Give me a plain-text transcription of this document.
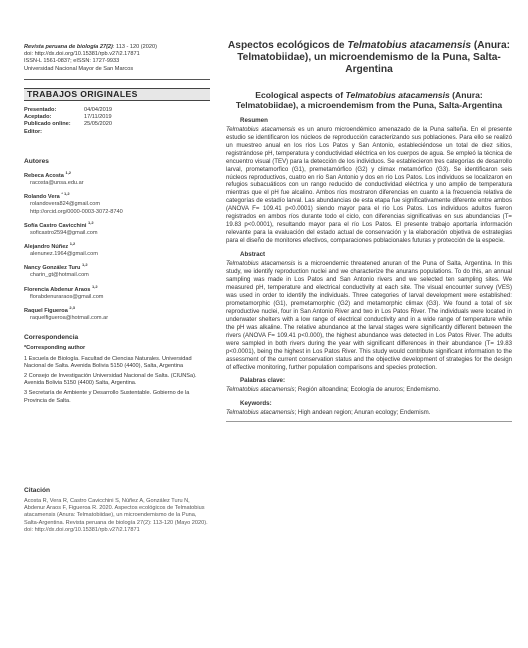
Revista peruana de biología 27(2): 113 - 120 (2020)
doi: http://dx.doi.org/10.15381/rpb.v27i2.17871
ISSN-L 1561-0837; eISSN: 1727-9933
Universidad Nacional Mayor de San Marcos
TRABAJOS ORIGINALES
Presentado:	04/04/2019
Aceptado:	17/11/2019
Publicado online:	25/05/2020
Editor:
Autores
Rebeca Acosta $^{1,2}$
racosta@unsa.edu.ar
Rolando Vera $^{* 1,2}$
rolandovera824@gmail.com
http://orcid.org/0000-0003-3072-8740
Sofía Castro Cavicchini $^{1,2}$
soficastro2594@gmail.com
Alejandro Núñez $^{1,2}$
alenunez.1964@gmail.com
Nancy González Turu $^{1,2}$
charin_gt@hotmail.com
Florencia Abdenur Araos $^{1,2}$
florabdenuraraos@gmail.com
Raquel Figueroa $^{2,3}$
raquelfigueroa@hotmail.com.ar
Correspondencia
*Corresponding author
1 Escuela de Biología. Facultad de Ciencias Naturales. Universidad Nacional de Salta. Avenida Bolivia 5150 (4400), Salta, Argentina
2 Consejo de Investigación Universidad Nacional de Salta. (CIUNSa). Avenida Bolivia 5150 (4400) Salta, Argentina.
3 Secretaría de Ambiente y Desarrollo Sustentable. Gobierno de la Provincia de Salta.
Citación
Acosta R, Vera R, Castro Cavicchini S, Núñez A, González Turu N, Abdenur Araos F, Figueroa R. 2020. Aspectos ecológicos de Telmatobius atacamensis (Anura: Telmatobiidae), un microendemismo de la Puna, Salta-Argentina. Revista peruana de biología 27(2): 113-120 (Mayo 2020). doi: http://dx.doi.org/10.15381/rpb.v27i2.17871
Aspectos ecológicos de Telmatobius atacamensis (Anura: Telmatobiidae), un microendemismo de la Puna, Salta-Argentina
Ecological aspects of Telmatobius atacamensis (Anura: Telmatobiidae), a microendemism from the Puna, Salta-Argentina
Resumen
Telmatobius atacamensis es un anuro microendémico amenazado de la Puna salteña. En el presente estudio se identificaron los núcleos de reproducción caracterizando sus poblaciones. Para ello se realizó un muestreo anual en los ríos Los Patos y San Antonio, estableciéndose un total de diez sitios, registrándose pH, temperatura y conductividad eléctrica en los cuerpos de agua. Se empleó la técnica de encuentro visual (TEV) para la detección de los individuos. Se establecieron tres categorías de desarrollo larval, prometamorfico (G1), premetamórfico (G2) y climax metamórfico (G3). Se identificaron seis núcleos reproductivos, cuatro en río San Antonio y dos en río Los Patos. Los individuos se localizaron en refugios subacuáticos con un rango reducido de conductividad eléctrica y uno amplio de temperatura mientras que el pH fue alcalino. Ambos ríos mostraron diferencias en cuanto a la frecuencia relativa de categorías de estadío larval. Las abundancias de esta etapa fue significativamente diferente entre ambos (ANOVA F= 109.41 p<0.0001) siendo mayor para el río Los Patos. Los individuos adultos fueron registrados en ambos ríos durante todo el ciclo, con diferencias significativas en sus abundancias (T= 19.83 p<0.0001), resultando mayor para el río Los Patos. El presente trabajo aportaría información relevante para la evaluación del estado actual de conservación y la elaboración objetiva de estrategias para el diseño de monitores efectivos, comparaciones poblacionales futuras y protección de la especie.
Abstract
Telmatobius atacamensis is a microendemic threatened anuran of the Puna of Salta, Argentina. In this study, we identify reproduction nuclei and we characterize the anurans populations. To do this, an annual sampling was made in Los Patos and San Antonio rivers and we selected ten sampling sites. We measured pH, temperature and electrical conductivity at each site. The visual encounter survey (VES) was used in order to identify the individuals. Three categories of larval development were established: prometamorphic (G1), premetamorphic (G2) and metamorphic climax (G3). We found a total of six reproductive nuclei, four in San Antonio River and two in Los Patos River. The individuals were located in underwater shelters with a low range of electrical conductivity and in a wide range of temperature while the pH was alkaline. The relative abundance at the larval stages were significantly different between the rivers (ANOVA F= 109.41 p<0.000), the highest abundance was detected in Los Patos River. The adults were sampled in both rivers during the year with significant differences in their abundance (T= 19.83 p<0.0001), being the highest in Los Patos River. This study would contribute significant information to the assessment of the current conservation status and the objective development of strategies for the design of effective monitoring, further population comparisons and species protection.
Palabras clave:
Telmatobius atacamensis; Región altoandina; Ecología de anuros; Endemismo.
Keywords:
Telmatobius atacamensis; High andean region; Anuran ecology; Endemism.
